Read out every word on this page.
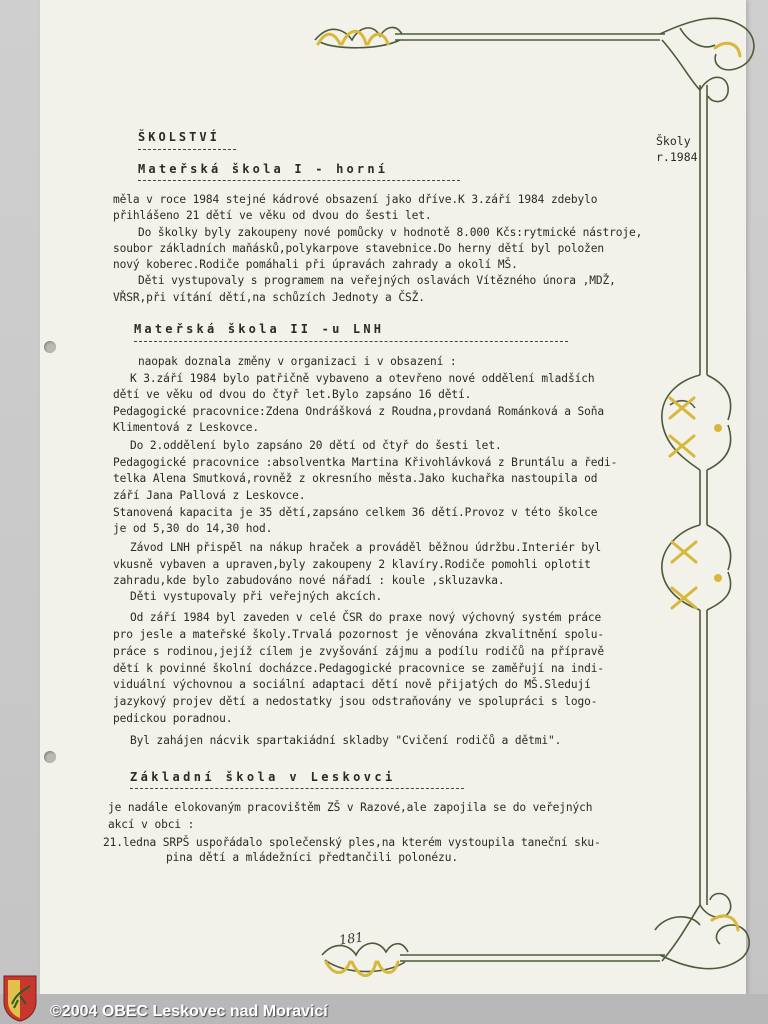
ŠKOLSTVÍ	Školy
r.1984
Mateřská škola I - horní
měla v roce 1984 stejné kádrové obsazení jako dříve.K 3.září 1984 zdebylo
přihlášeno 21 dětí ve věku od dvou do šesti let.
Do školky byly zakoupeny nové pomůcky v hodnotě 8.000 Kčs:rytmické nástroje,
soubor základních maňásků,polykarpove stavebnice.Do herny dětí byl položen
nový koberec.Rodiče pomáhali při úpravách zahrady a okolí MŠ.
Děti vystupovaly s programem na veřejných oslavách Vítězného února ,MDŽ,
VŘSR,při vítání dětí,na schůzích Jednoty a ČSŽ.
Mateřská škola II -u LNH
naopak doznala změny v organizaci i v obsazení :
K 3.září 1984 bylo patřičně vybaveno a otevřeno nové oddělení mladších
dětí ve věku od dvou do čtyř let.Bylo zapsáno 16 dětí.
Pedagogické pracovnice:Zdena Ondrášková z Roudna,provdaná Románková a Soňa
Klimentová z Leskovce.
Do 2.oddělení bylo zapsáno 20 dětí od čtyř do šesti let.
Pedagogické pracovnice :absolventka Martina Křivohlávková z Bruntálu a ředi-
telka Alena Smutková,rovněž z okresního města.Jako kuchařka nastoupila od
září Jana Pallová z Leskovce.
Stanovená kapacita je 35 dětí,zapsáno celkem 36 dětí.Provoz v této školce
je od 5,30 do 14,30 hod.
Závod LNH přispěl na nákup hraček a prováděl běžnou údržbu.Interiér byl
vkusně vybaven a upraven,byly zakoupeny 2 klavíry.Rodiče pomohli oplotit
zahradu,kde bylo zabudováno nové nářadí : koule ,skluzavka.
Děti vystupovaly při veřejných akcích.
Od září 1984 byl zaveden v celé ČSR do praxe nový výchovný systém práce
pro jesle a mateřské školy.Trvalá pozornost je věnována zkvalitnění spolu-
práce s rodinou,jejíž cílem je zvyšování zájmu a podílu rodičů na přípravě
dětí k povinné školní docházce.Pedagogické pracovnice se zaměřují na indi-
viduální výchovnou a sociální adaptaci dětí nově přijatých do MŠ.Sledují
jazykový projev dětí a nedostatky jsou odstraňovány ve spolupráci s logo-
pedickou poradnou.
Byl zahájen nácvik spartakiádní skladby "Cvičení rodičů a dětmi".
Základní škola v Leskovci
je nadále elokovaným pracovištěm ZŠ v Razové,ale zapojila se do veřejných
akcí v obci :
21.ledna SRPŠ uspořádalo společenský ples,na kterém vystoupila taneční sku-
pina dětí a mládežníci předtančili polonézu.
181
©2004 OBEC Leskovec nad Moravicí
